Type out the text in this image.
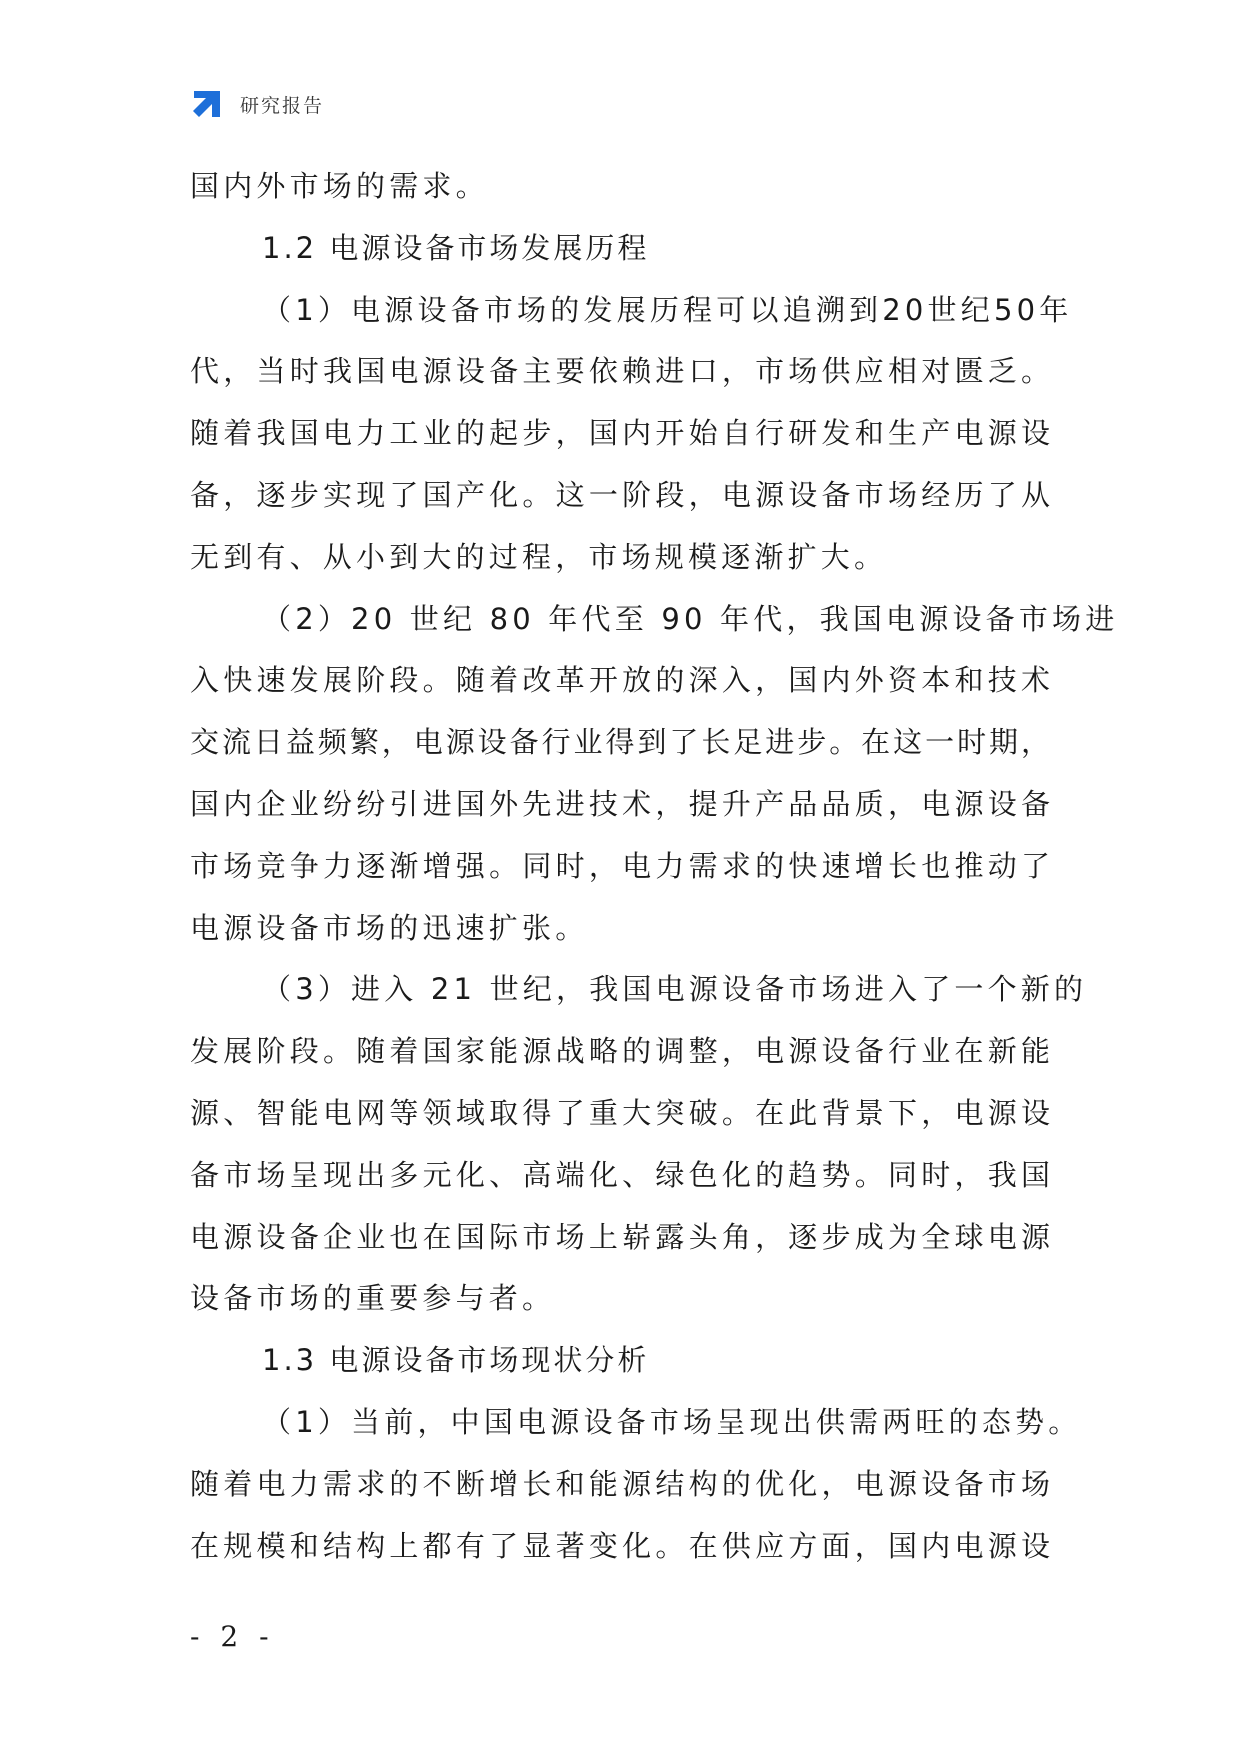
研究报告
国内外市场的需求。
1.2 电源设备市场发展历程
（1）电源设备市场的发展历程可以追溯到20世纪50年
代，当时我国电源设备主要依赖进口，市场供应相对匮乏。
随着我国电力工业的起步，国内开始自行研发和生产电源设
备，逐步实现了国产化。这一阶段，电源设备市场经历了从
无到有、从小到大的过程，市场规模逐渐扩大。
（2）20 世纪 80 年代至 90 年代，我国电源设备市场进
入快速发展阶段。随着改革开放的深入，国内外资本和技术
交流日益频繁，电源设备行业得到了长足进步。在这一时期，
国内企业纷纷引进国外先进技术，提升产品品质，电源设备
市场竞争力逐渐增强。同时，电力需求的快速增长也推动了
电源设备市场的迅速扩张。
（3）进入 21 世纪，我国电源设备市场进入了一个新的
发展阶段。随着国家能源战略的调整，电源设备行业在新能
源、智能电网等领域取得了重大突破。在此背景下，电源设
备市场呈现出多元化、高端化、绿色化的趋势。同时，我国
电源设备企业也在国际市场上崭露头角，逐步成为全球电源
设备市场的重要参与者。
1.3 电源设备市场现状分析
（1）当前，中国电源设备市场呈现出供需两旺的态势。
随着电力需求的不断增长和能源结构的优化，电源设备市场
在规模和结构上都有了显著变化。在供应方面，国内电源设
- 2 -
